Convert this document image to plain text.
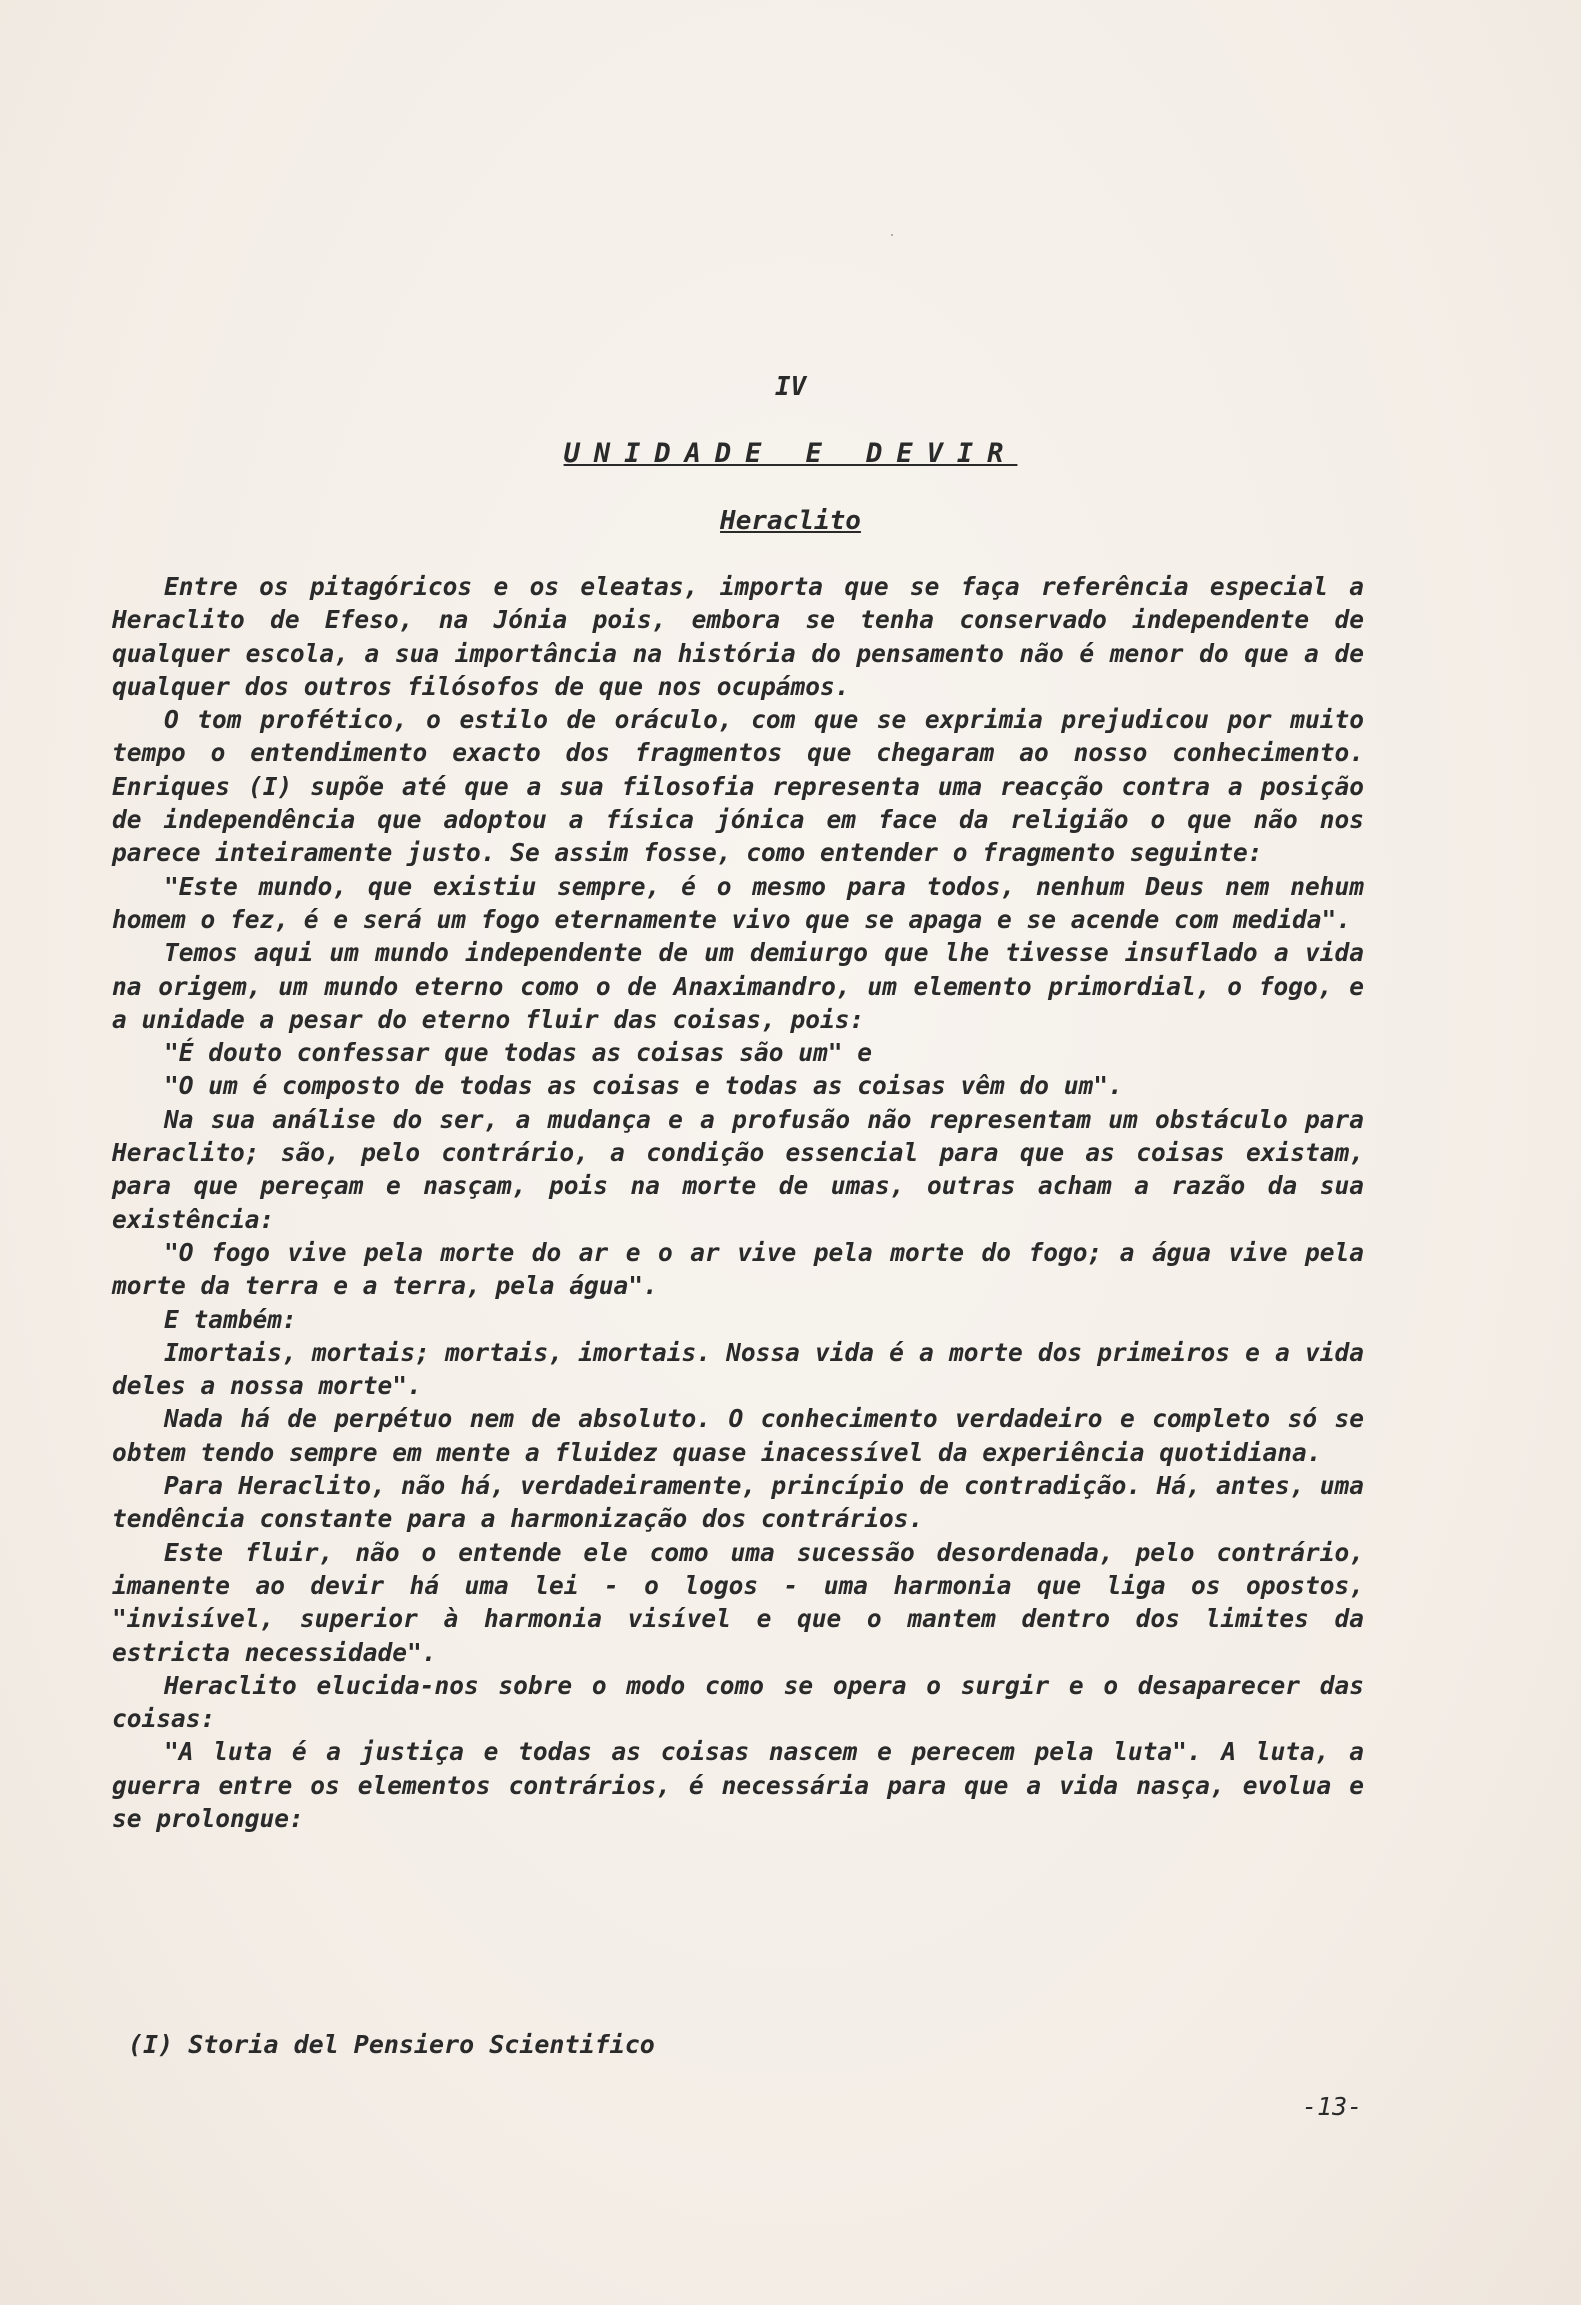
IV
UNIDADE E DEVIR
Heraclito

Entre os pitagóricos e os eleatas, importa que se faça referência especial a Heraclito de Efeso, na Jónia pois, embora se tenha conservado independente de qualquer escola, a sua importância na história do pensamento não é menor do que a de qualquer dos outros filósofos de que nos ocupámos.

O tom profético, o estilo de oráculo, com que se exprimia prejudicou por muito tempo o entendimento exacto dos fragmentos que chegaram ao nosso conhecimento. Enriques (I) supõe até que a sua filosofia representa uma reacção contra a posição de independência que adoptou a física jónica em face da religião o que não nos parece inteiramente justo. Se assim fosse, como entender o fragmento seguinte:

"Este mundo, que existiu sempre, é o mesmo para todos, nenhum Deus nem nehum homem o fez, é e será um fogo eternamente vivo que se apaga e se acende com medida".

Temos aqui um mundo independente de um demiurgo que lhe tivesse insuflado a vida na origem, um mundo eterno como o de Anaximandro, um elemento primordial, o fogo, e a unidade a pesar do eterno fluir das coisas, pois:

"É douto confessar que todas as coisas são um" e

"O um é composto de todas as coisas e todas as coisas vêm do um".

Na sua análise do ser, a mudança e a profusão não representam um obstáculo para Heraclito; são, pelo contrário, a condição essencial para que as coisas existam, para que pereçam e nasçam, pois na morte de umas, outras acham a razão da sua existência:

"O fogo vive pela morte do ar e o ar vive pela morte do fogo; a água vive pela morte da terra e a terra, pela água".

E também:

Imortais, mortais; mortais, imortais. Nossa vida é a morte dos primeiros e a vida deles a nossa morte".

Nada há de perpétuo nem de absoluto. O conhecimento verdadeiro e completo só se obtem tendo sempre em mente a fluidez quase inacessível da experiência quotidiana.

Para Heraclito, não há, verdadeiramente, princípio de contradição. Há, antes, uma tendência constante para a harmonização dos contrários.

Este fluir, não o entende ele como uma sucessão desordenada, pelo contrário, imanente ao devir há uma lei - o logos - uma harmonia que liga os opostos, "invisível, superior à harmonia visível e que o mantem dentro dos limites da estricta necessidade".

Heraclito elucida-nos sobre o modo como se opera o surgir e o desaparecer das coisas:

"A luta é a justiça e todas as coisas nascem e perecem pela luta". A luta, a guerra entre os elementos contrários, é necessária para que a vida nasça, evolua e se prolongue:

(I) Storia del Pensiero Scientifico
-13-
